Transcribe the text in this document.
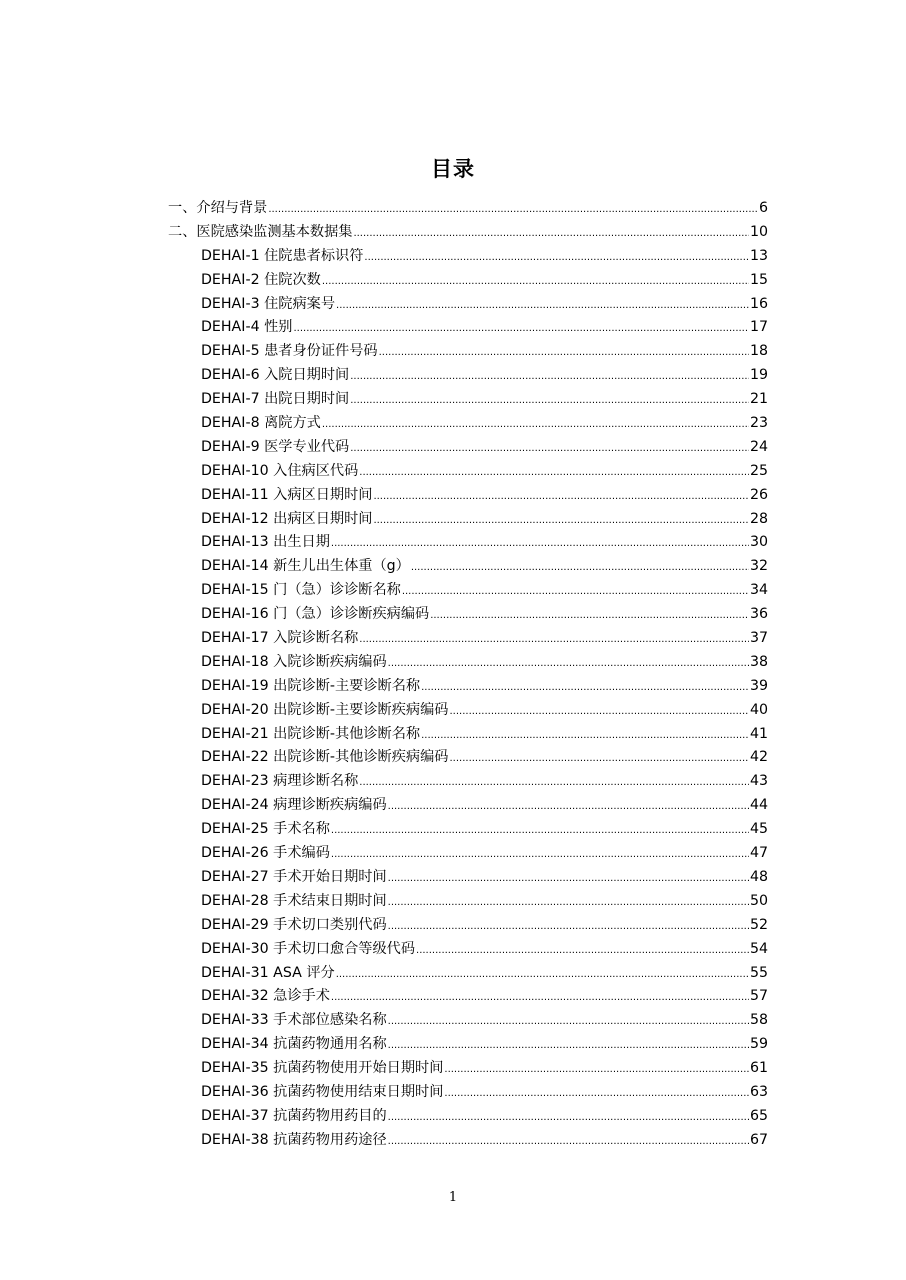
目录
一、介绍与背景 .....	6
二、医院感染监测基本数据集 .....	10
DEHAI-1 住院患者标识符 .....	13
DEHAI-2 住院次数 .....	15
DEHAI-3 住院病案号 .....	16
DEHAI-4 性别 .....	17
DEHAI-5 患者身份证件号码 .....	18
DEHAI-6 入院日期时间 .....	19
DEHAI-7 出院日期时间 .....	21
DEHAI-8 离院方式 .....	23
DEHAI-9 医学专业代码 .....	24
DEHAI-10 入住病区代码 .....	25
DEHAI-11 入病区日期时间 .....	26
DEHAI-12 出病区日期时间 .....	28
DEHAI-13 出生日期 .....	30
DEHAI-14 新生儿出生体重（g） .....	32
DEHAI-15 门（急）诊诊断名称 .....	34
DEHAI-16 门（急）诊诊断疾病编码 .....	36
DEHAI-17 入院诊断名称 .....	37
DEHAI-18 入院诊断疾病编码 .....	38
DEHAI-19 出院诊断-主要诊断名称 .....	39
DEHAI-20 出院诊断-主要诊断疾病编码 .....	40
DEHAI-21 出院诊断-其他诊断名称 .....	41
DEHAI-22 出院诊断-其他诊断疾病编码 .....	42
DEHAI-23 病理诊断名称 .....	43
DEHAI-24 病理诊断疾病编码 .....	44
DEHAI-25 手术名称 .....	45
DEHAI-26 手术编码 .....	47
DEHAI-27 手术开始日期时间 .....	48
DEHAI-28 手术结束日期时间 .....	50
DEHAI-29 手术切口类别代码 .....	52
DEHAI-30 手术切口愈合等级代码 .....	54
DEHAI-31 ASA 评分 .....	55
DEHAI-32 急诊手术 .....	57
DEHAI-33 手术部位感染名称 .....	58
DEHAI-34 抗菌药物通用名称 .....	59
DEHAI-35 抗菌药物使用开始日期时间 .....	61
DEHAI-36 抗菌药物使用结束日期时间 .....	63
DEHAI-37 抗菌药物用药目的 .....	65
DEHAI-38 抗菌药物用药途径 .....	67
1
